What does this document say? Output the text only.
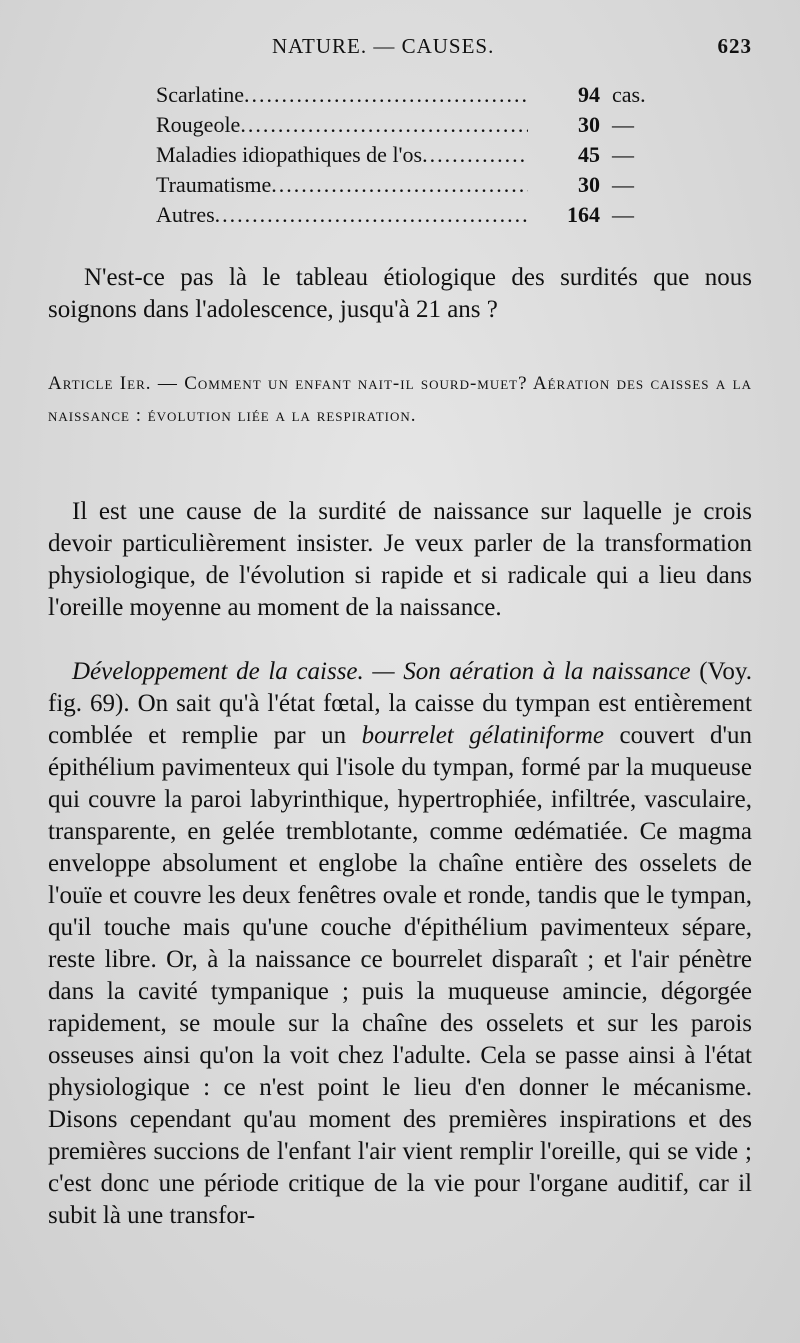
NATURE. — CAUSES.	623
Scarlatine .....	94 cas.
Rougeole .....	30 —
Maladies idiopathiques de l'os .....	45 —
Traumatisme .....	30 —
Autres .....	164 —

N'est-ce pas là le tableau étiologique des surdités que nous soignons dans l'adolescence, jusqu'à 21 ans ?

Article Ier. — Comment un enfant nait-il sourd-muet? Aération des caisses a la naissance : évolution liée a la respiration.

Il est une cause de la surdité de naissance sur laquelle je crois devoir particulièrement insister. Je veux parler de la transformation physiologique, de l'évolution si rapide et si radicale qui a lieu dans l'oreille moyenne au moment de la naissance.

Développement de la caisse. — Son aération à la naissance (Voy. fig. 69). On sait qu'à l'état fœtal, la caisse du tympan est entièrement comblée et remplie par un bourrelet gélatiniforme couvert d'un épithélium pavimenteux qui l'isole du tympan, formé par la muqueuse qui couvre la paroi labyrinthique, hypertrophiée, infiltrée, vasculaire, transparente, en gelée tremblotante, comme œdématiée. Ce magma enveloppe absolument et englobe la chaîne entière des osselets de l'ouïe et couvre les deux fenêtres ovale et ronde, tandis que le tympan, qu'il touche mais qu'une couche d'épithélium pavimenteux sépare, reste libre. Or, à la naissance ce bourrelet disparaît ; et l'air pénètre dans la cavité tympanique ; puis la muqueuse amincie, dégorgée rapidement, se moule sur la chaîne des osselets et sur les parois osseuses ainsi qu'on la voit chez l'adulte. Cela se passe ainsi à l'état physiologique : ce n'est point le lieu d'en donner le mécanisme. Disons cependant qu'au moment des premières inspirations et des premières succions de l'enfant l'air vient remplir l'oreille, qui se vide ; c'est donc une période critique de la vie pour l'organe auditif, car il subit là une transfor-
